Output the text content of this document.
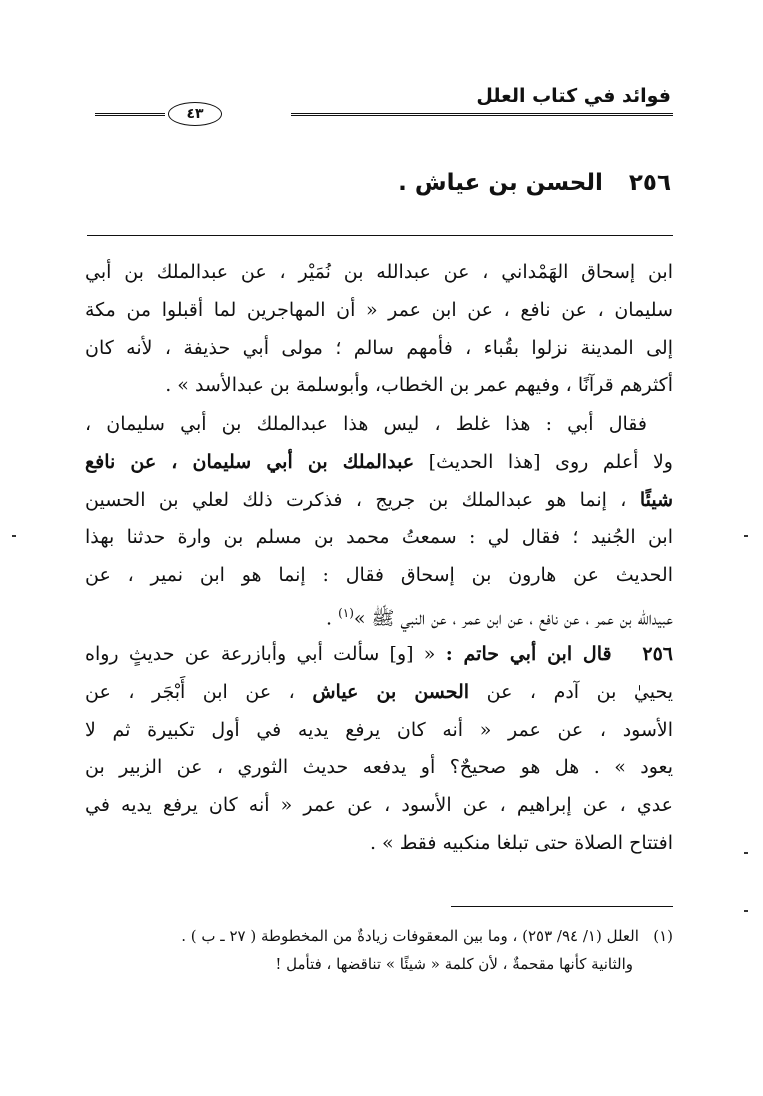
فوائد في كتاب العلل
٤٣
٢٥٦الحسن بن عياش .
ابن إسحاق الهَمْداني ، عن عبدالله بن نُمَيْر ، عن عبدالملك بن أبي
سليمان ، عن نافع ، عن ابن عمر « أن المهاجرين لما أقبلوا من مكة
إلى المدينة نزلوا بقُباء ، فأمهم سالم ؛ مولى أبي حذيفة ، لأنه كان
أكثرهم قرآنًا ، وفيهم عمر بن الخطاب، وأبوسلمة بن عبدالأسد » .
فقال أبي : هذا غلط ، ليس هذا عبدالملك بن أبي سليمان ،
ولا أعلم روى [هذا الحديث] عبدالملك بن أبي سليمان ، عن نافع
شيئًا ، إنما هو عبدالملك بن جريج ، فذكرت ذلك لعلي بن الحسين
ابن الجُنيد ؛ فقال لي : سمعتُ محمد بن مسلم بن وارة حدثنا بهذا
الحديث عن هارون بن إسحاق فقال : إنما هو ابن نمير ، عن
عبيدالله بن عمر ، عن نافع ، عن ابن عمر ، عن النبي ﷺ »$^{(١)}$ .
٢٥٦   قال ابن أبي حاتم : « [و] سألت أبي وأبازرعة عن حديثٍ رواه
يحييٰ بن آدم ، عن الحسن بن عياش ، عن ابن أَبْجَر ، عن
الأسود ، عن عمر « أنه كان يرفع يديه في أول تكبيرة ثم لا
يعود » . هل هو صحيحٌ؟ أو يدفعه حديث الثوري ، عن الزبير بن
عدي ، عن إبراهيم ، عن الأسود ، عن عمر « أنه كان يرفع يديه في
افتتاح الصلاة حتى تبلغا منكبيه فقط » .
(١)   العلل (١/ ٩٤/ ٢٥٣) ، وما بين المعقوفات زيادةٌ من المخطوطة ( ٢٧ ـ ب ) .
والثانية كأنها مقحمةٌ ، لأن كلمة « شيئًا » تناقضها ، فتأمل !
